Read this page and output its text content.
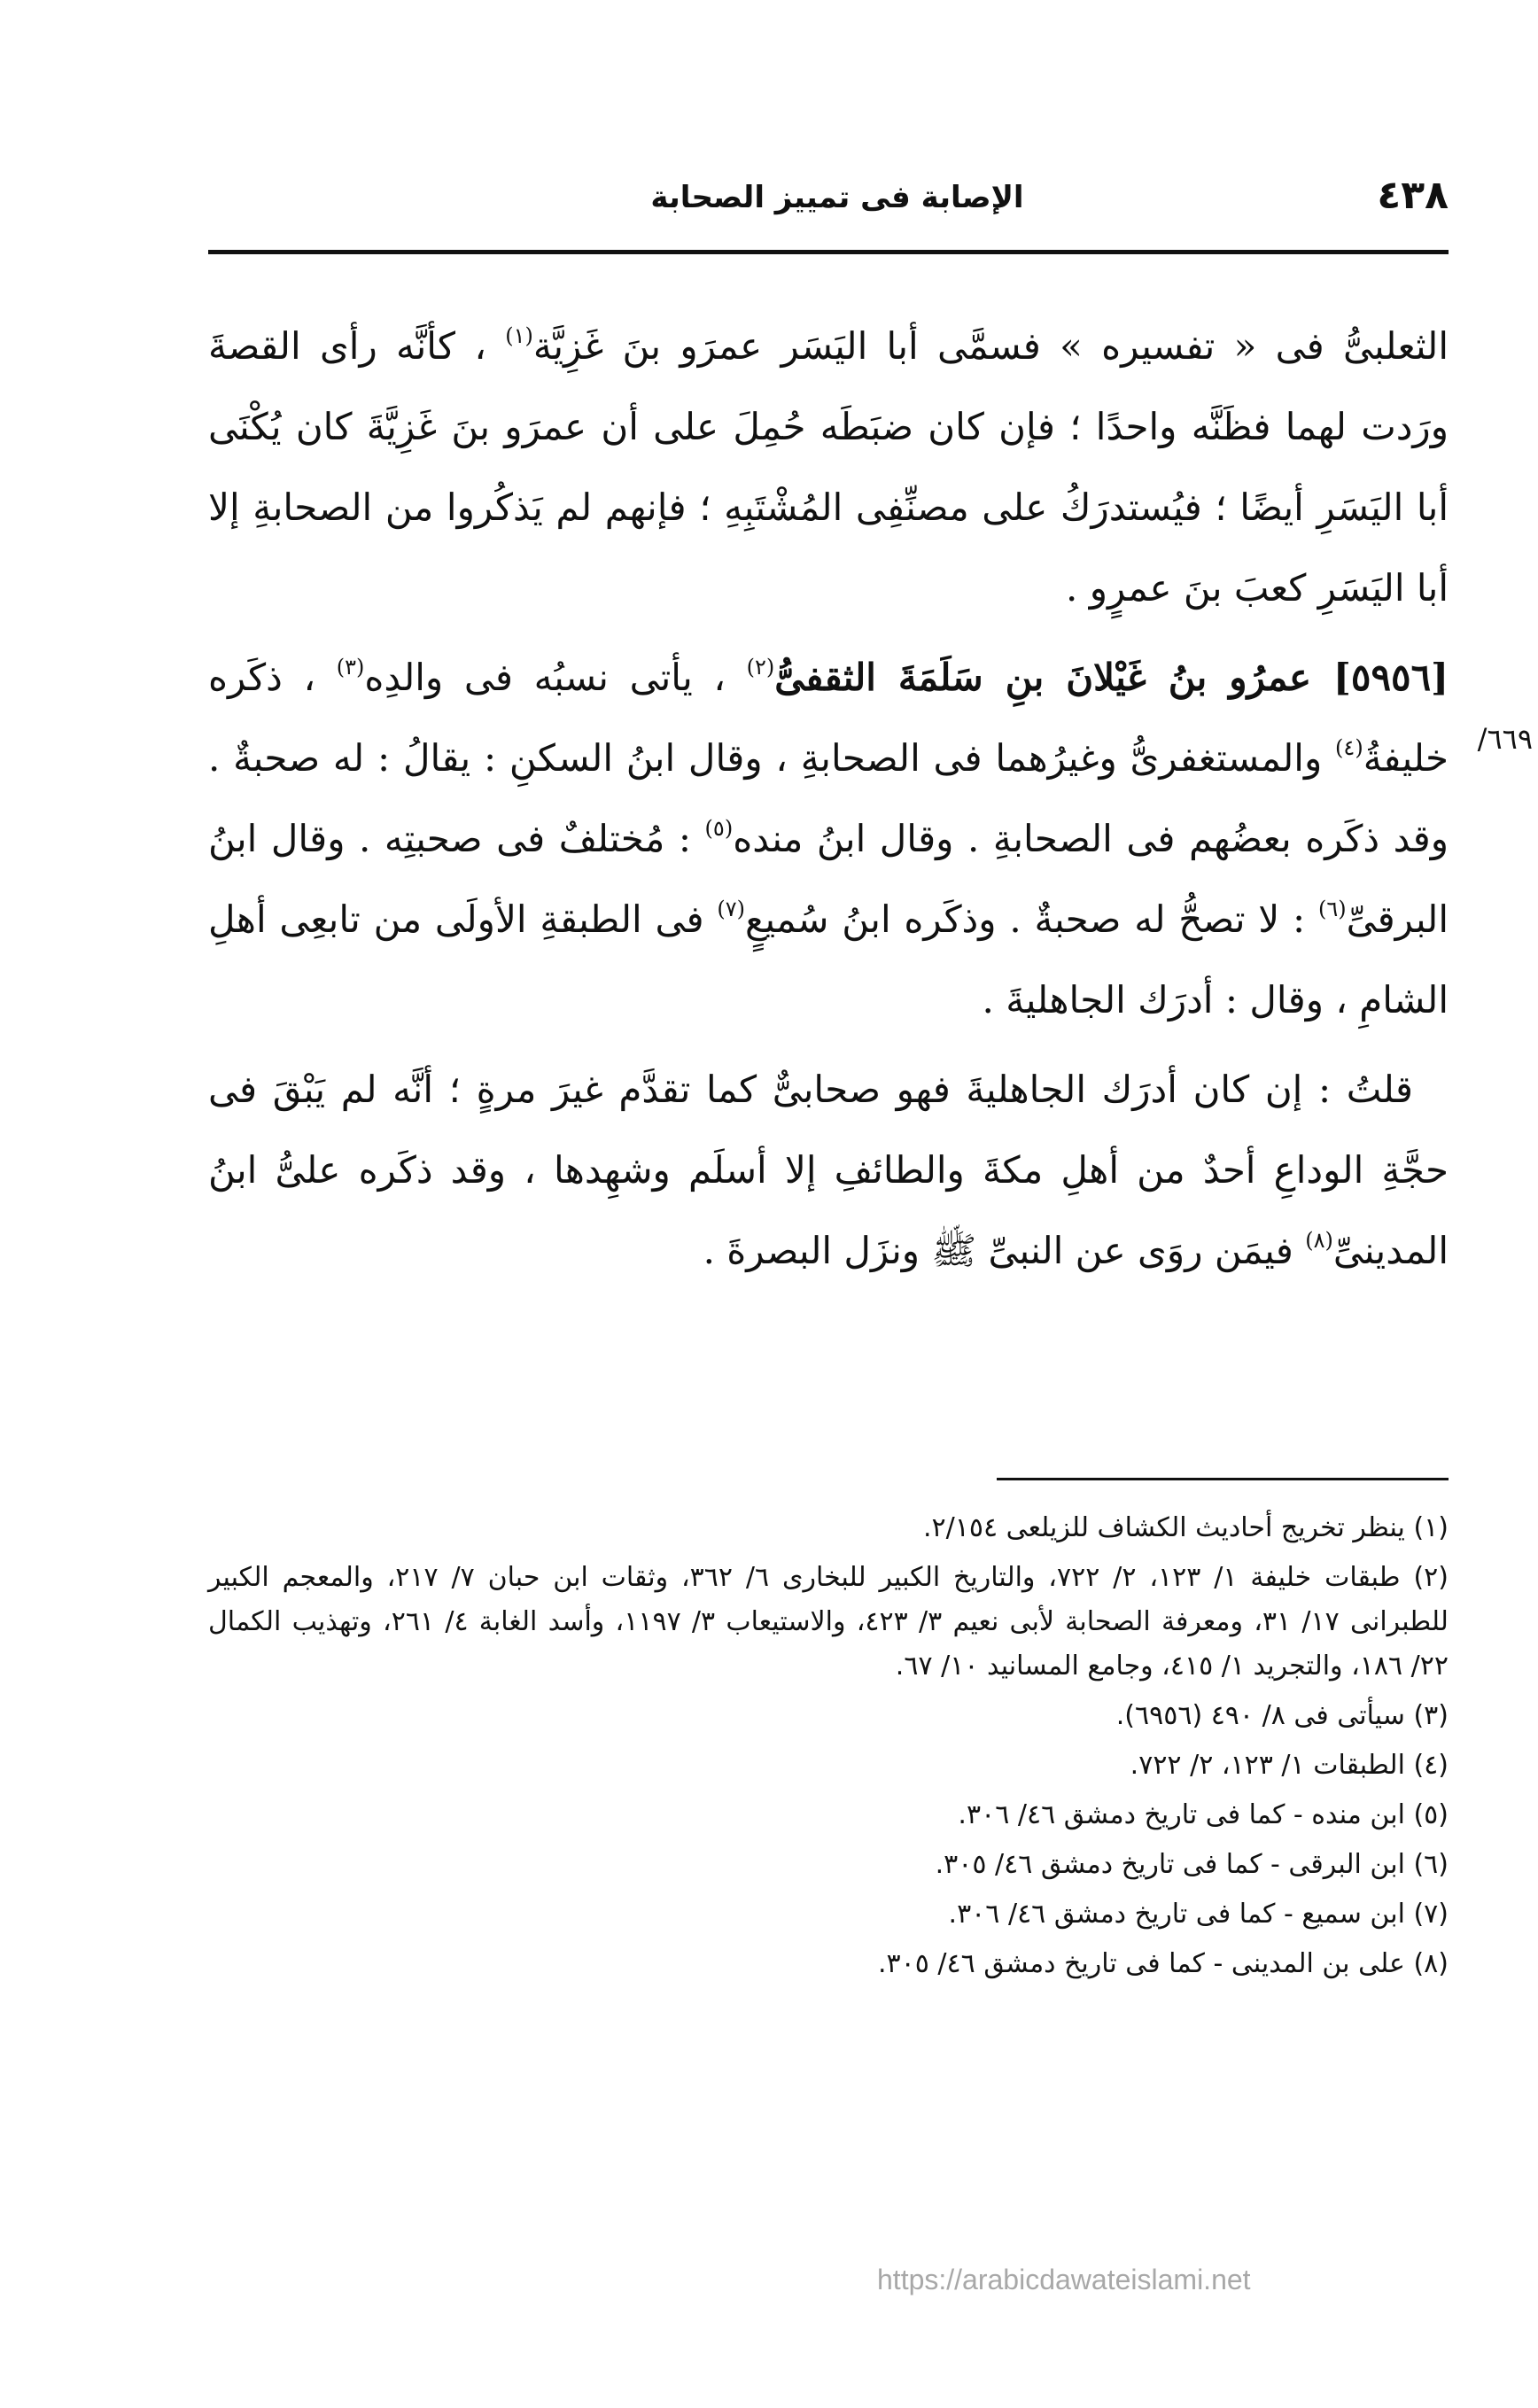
٤٣٨
الإصابة فى تمييز الصحابة
٦٦٩/

الثعلبىُّ فى « تفسيره » فسمَّى أبا اليَسَر عمرَو بنَ غَزِيَّة$^{(١)}$ ، كأنَّه رأى القصةَ ورَدت لهما فظَنَّه واحدًا ؛ فإن كان ضبَطَه حُمِلَ على أن عمرَو بنَ غَزِيَّةَ كان يُكْنَى أبا اليَسَرِ أيضًا ؛ فيُستدرَكُ على مصنِّفِى المُشْتَبِهِ ؛ فإنهم لم يَذكُروا من الصحابةِ إلا أبا اليَسَرِ كعبَ بنَ عمرٍو .

[٥٩٥٦] عمرُو بنُ غَيْلانَ بنِ سَلَمَةَ الثقفىُّ$^{(٢)}$ ، يأتى نسبُه فى والدِه$^{(٣)}$ ، ذكَره خليفةُ$^{(٤)}$ والمستغفرىُّ وغيرُهما فى الصحابةِ ، وقال ابنُ السكنِ : يقالُ : له صحبةٌ . وقد ذكَره بعضُهم فى الصحابةِ . وقال ابنُ منده$^{(٥)}$ : مُختلفٌ فى صحبتِه . وقال ابنُ البرقىِّ$^{(٦)}$ : لا تصحُّ له صحبةٌ . وذكَره ابنُ سُميعٍ$^{(٧)}$ فى الطبقةِ الأولَى من تابعِى أهلِ الشامِ ، وقال : أدرَك الجاهليةَ .

قلتُ : إن كان أدرَك الجاهليةَ فهو صحابىٌّ كما تقدَّم غيرَ مرةٍ ؛ أنَّه لم يَبْقَ فى حجَّةِ الوداعِ أحدٌ من أهلِ مكةَ والطائفِ إلا أسلَم وشهِدها ، وقد ذكَره علىُّ ابنُ المدينىِّ$^{(٨)}$ فيمَن روَى عن النبىِّ ﷺ ونزَل البصرةَ .

(١) ينظر تخريج أحاديث الكشاف للزيلعى ٢/١٥٤.

(٢) طبقات خليفة ١/ ١٢٣، ٢/ ٧٢٢، والتاريخ الكبير للبخارى ٦/ ٣٦٢، وثقات ابن حبان ٧/ ٢١٧، والمعجم الكبير للطبرانى ١٧/ ٣١، ومعرفة الصحابة لأبى نعيم ٣/ ٤٢٣، والاستيعاب ٣/ ١١٩٧، وأسد الغابة ٤/ ٢٦١، وتهذيب الكمال ٢٢/ ١٨٦، والتجريد ١/ ٤١٥، وجامع المسانيد ١٠/ ٦٧.

(٣) سيأتى فى ٨/ ٤٩٠ (٦٩٥٦).

(٤) الطبقات ١/ ١٢٣، ٢/ ٧٢٢.

(٥) ابن منده - كما فى تاريخ دمشق ٤٦/ ٣٠٦.

(٦) ابن البرقى - كما فى تاريخ دمشق ٤٦/ ٣٠٥.

(٧) ابن سميع - كما فى تاريخ دمشق ٤٦/ ٣٠٦.

(٨) على بن المدينى - كما فى تاريخ دمشق ٤٦/ ٣٠٥.

https://arabicdawateislami.net
